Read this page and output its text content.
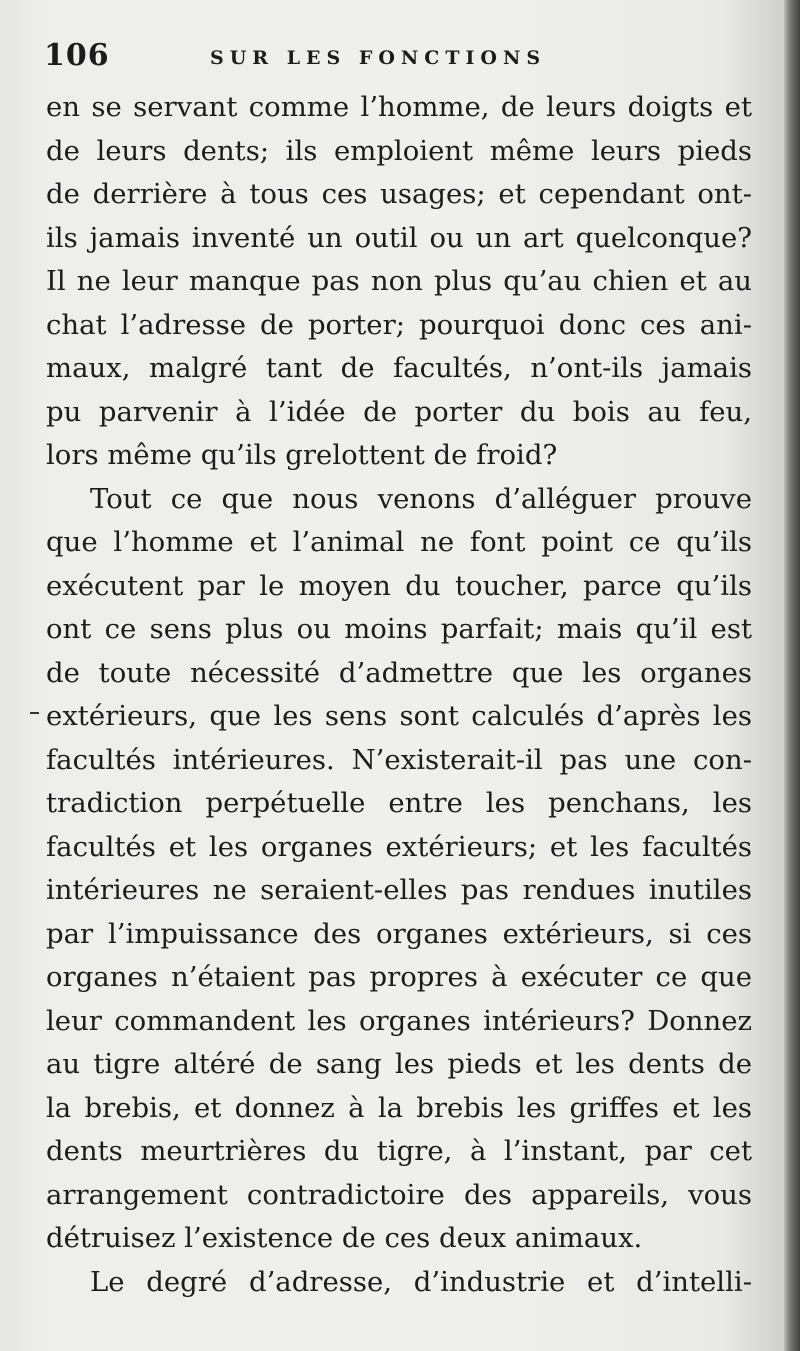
106	SUR LES FONCTIONS
en se servant comme l’homme, de leurs doigts et
de leurs dents; ils emploient même leurs pieds
de derrière à tous ces usages; et cependant ont-
ils jamais inventé un outil ou un art quelconque?
Il ne leur manque pas non plus qu’au chien et au
chat l’adresse de porter; pourquoi donc ces ani-
maux, malgré tant de facultés, n’ont-ils jamais
pu parvenir à l’idée de porter du bois au feu,
lors même qu’ils grelottent de froid?
Tout ce que nous venons d’alléguer prouve
que l’homme et l’animal ne font point ce qu’ils
exécutent par le moyen du toucher, parce qu’ils
ont ce sens plus ou moins parfait; mais qu’il est
de toute nécessité d’admettre que les organes
extérieurs, que les sens sont calculés d’après les
facultés intérieures. N’existerait-il pas une con-
tradiction perpétuelle entre les penchans, les
facultés et les organes extérieurs; et les facultés
intérieures ne seraient-elles pas rendues inutiles
par l’impuissance des organes extérieurs, si ces
organes n’étaient pas propres à exécuter ce que
leur commandent les organes intérieurs? Donnez
au tigre altéré de sang les pieds et les dents de
la brebis, et donnez à la brebis les griffes et les
dents meurtrières du tigre, à l’instant, par cet
arrangement contradictoire des appareils, vous
détruisez l’existence de ces deux animaux.
Le degré d’adresse, d’industrie et d’intelli-
